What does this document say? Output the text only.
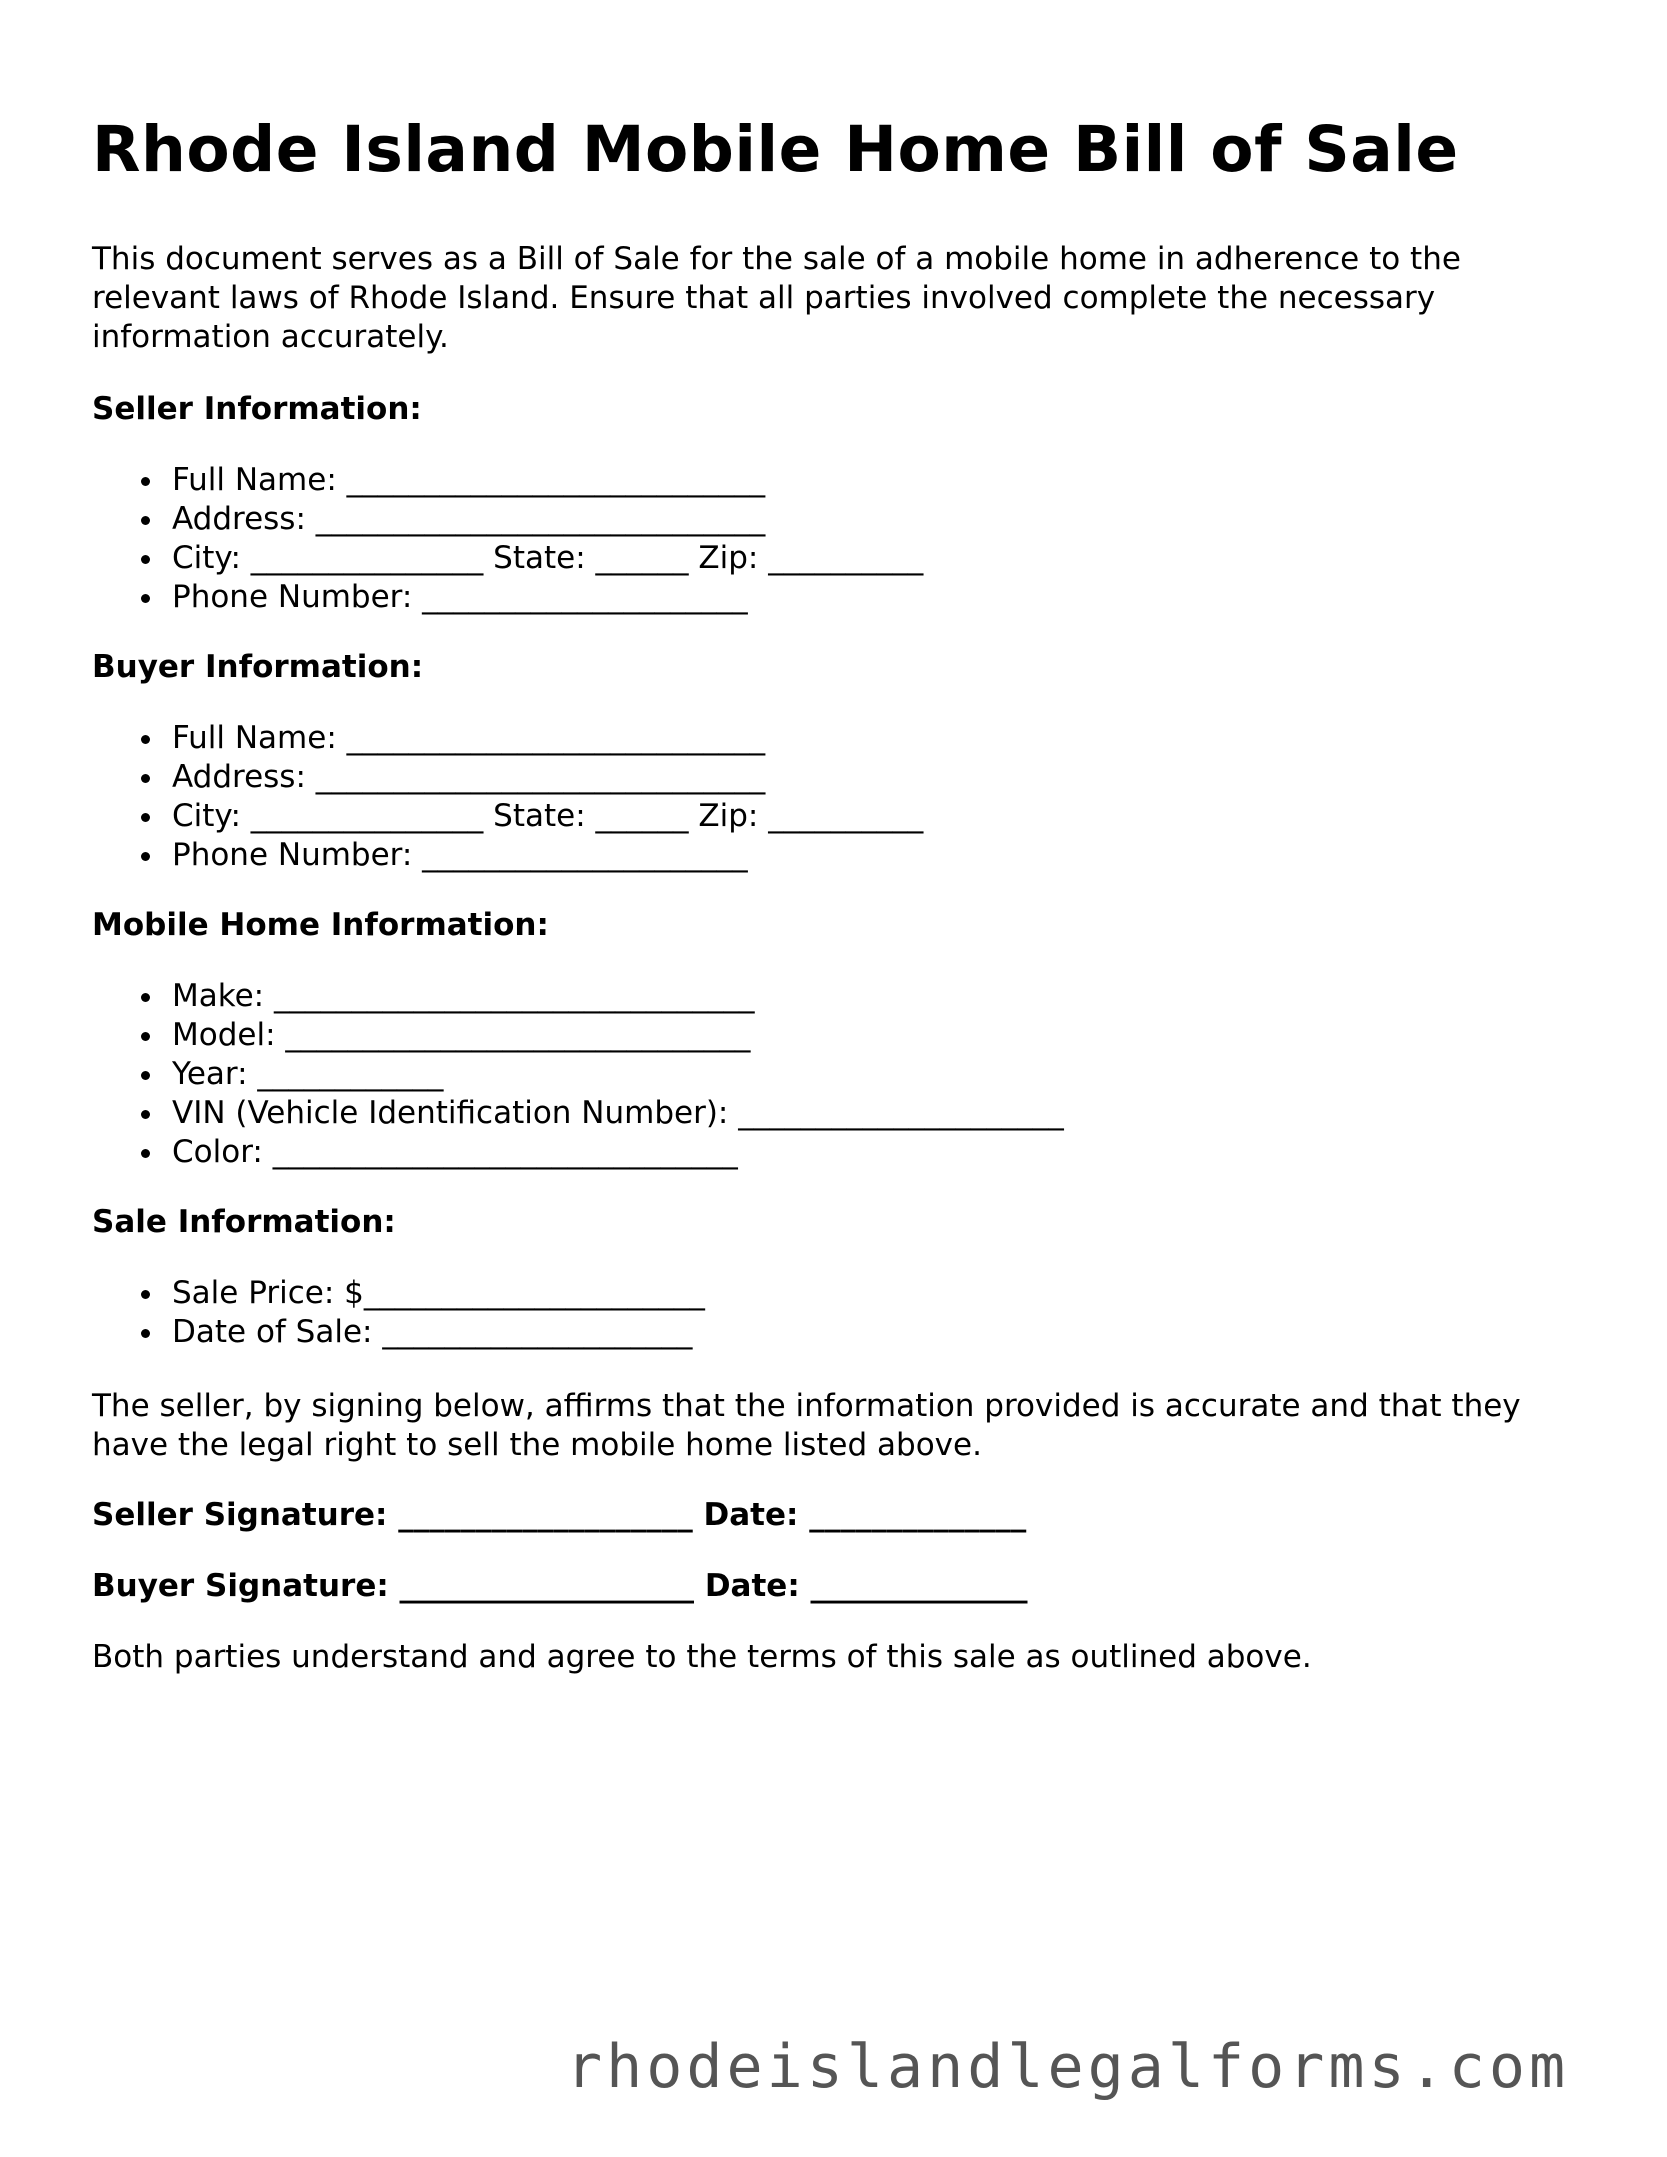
Rhode Island Mobile Home Bill of Sale

This document serves as a Bill of Sale for the sale of a mobile home in adherence to the relevant laws of Rhode Island. Ensure that all parties involved complete the necessary information accurately.

Seller Information:

Full Name: ___________________________
Address: _____________________________
City: _______________ State: ______ Zip: __________
Phone Number: _____________________

Buyer Information:

Full Name: ___________________________
Address: _____________________________
City: _______________ State: ______ Zip: __________
Phone Number: _____________________

Mobile Home Information:

Make: _______________________________
Model: ______________________________
Year: ____________
VIN (Vehicle Identification Number): _____________________
Color: ______________________________

Sale Information:

Sale Price: $______________________
Date of Sale: ____________________

The seller, by signing below, affirms that the information provided is accurate and that they have the legal right to sell the mobile home listed above.

Seller Signature: ___________________ Date: ______________

Buyer Signature: ___________________ Date: ______________

Both parties understand and agree to the terms of this sale as outlined above.

rhodeislandlegalforms.com
